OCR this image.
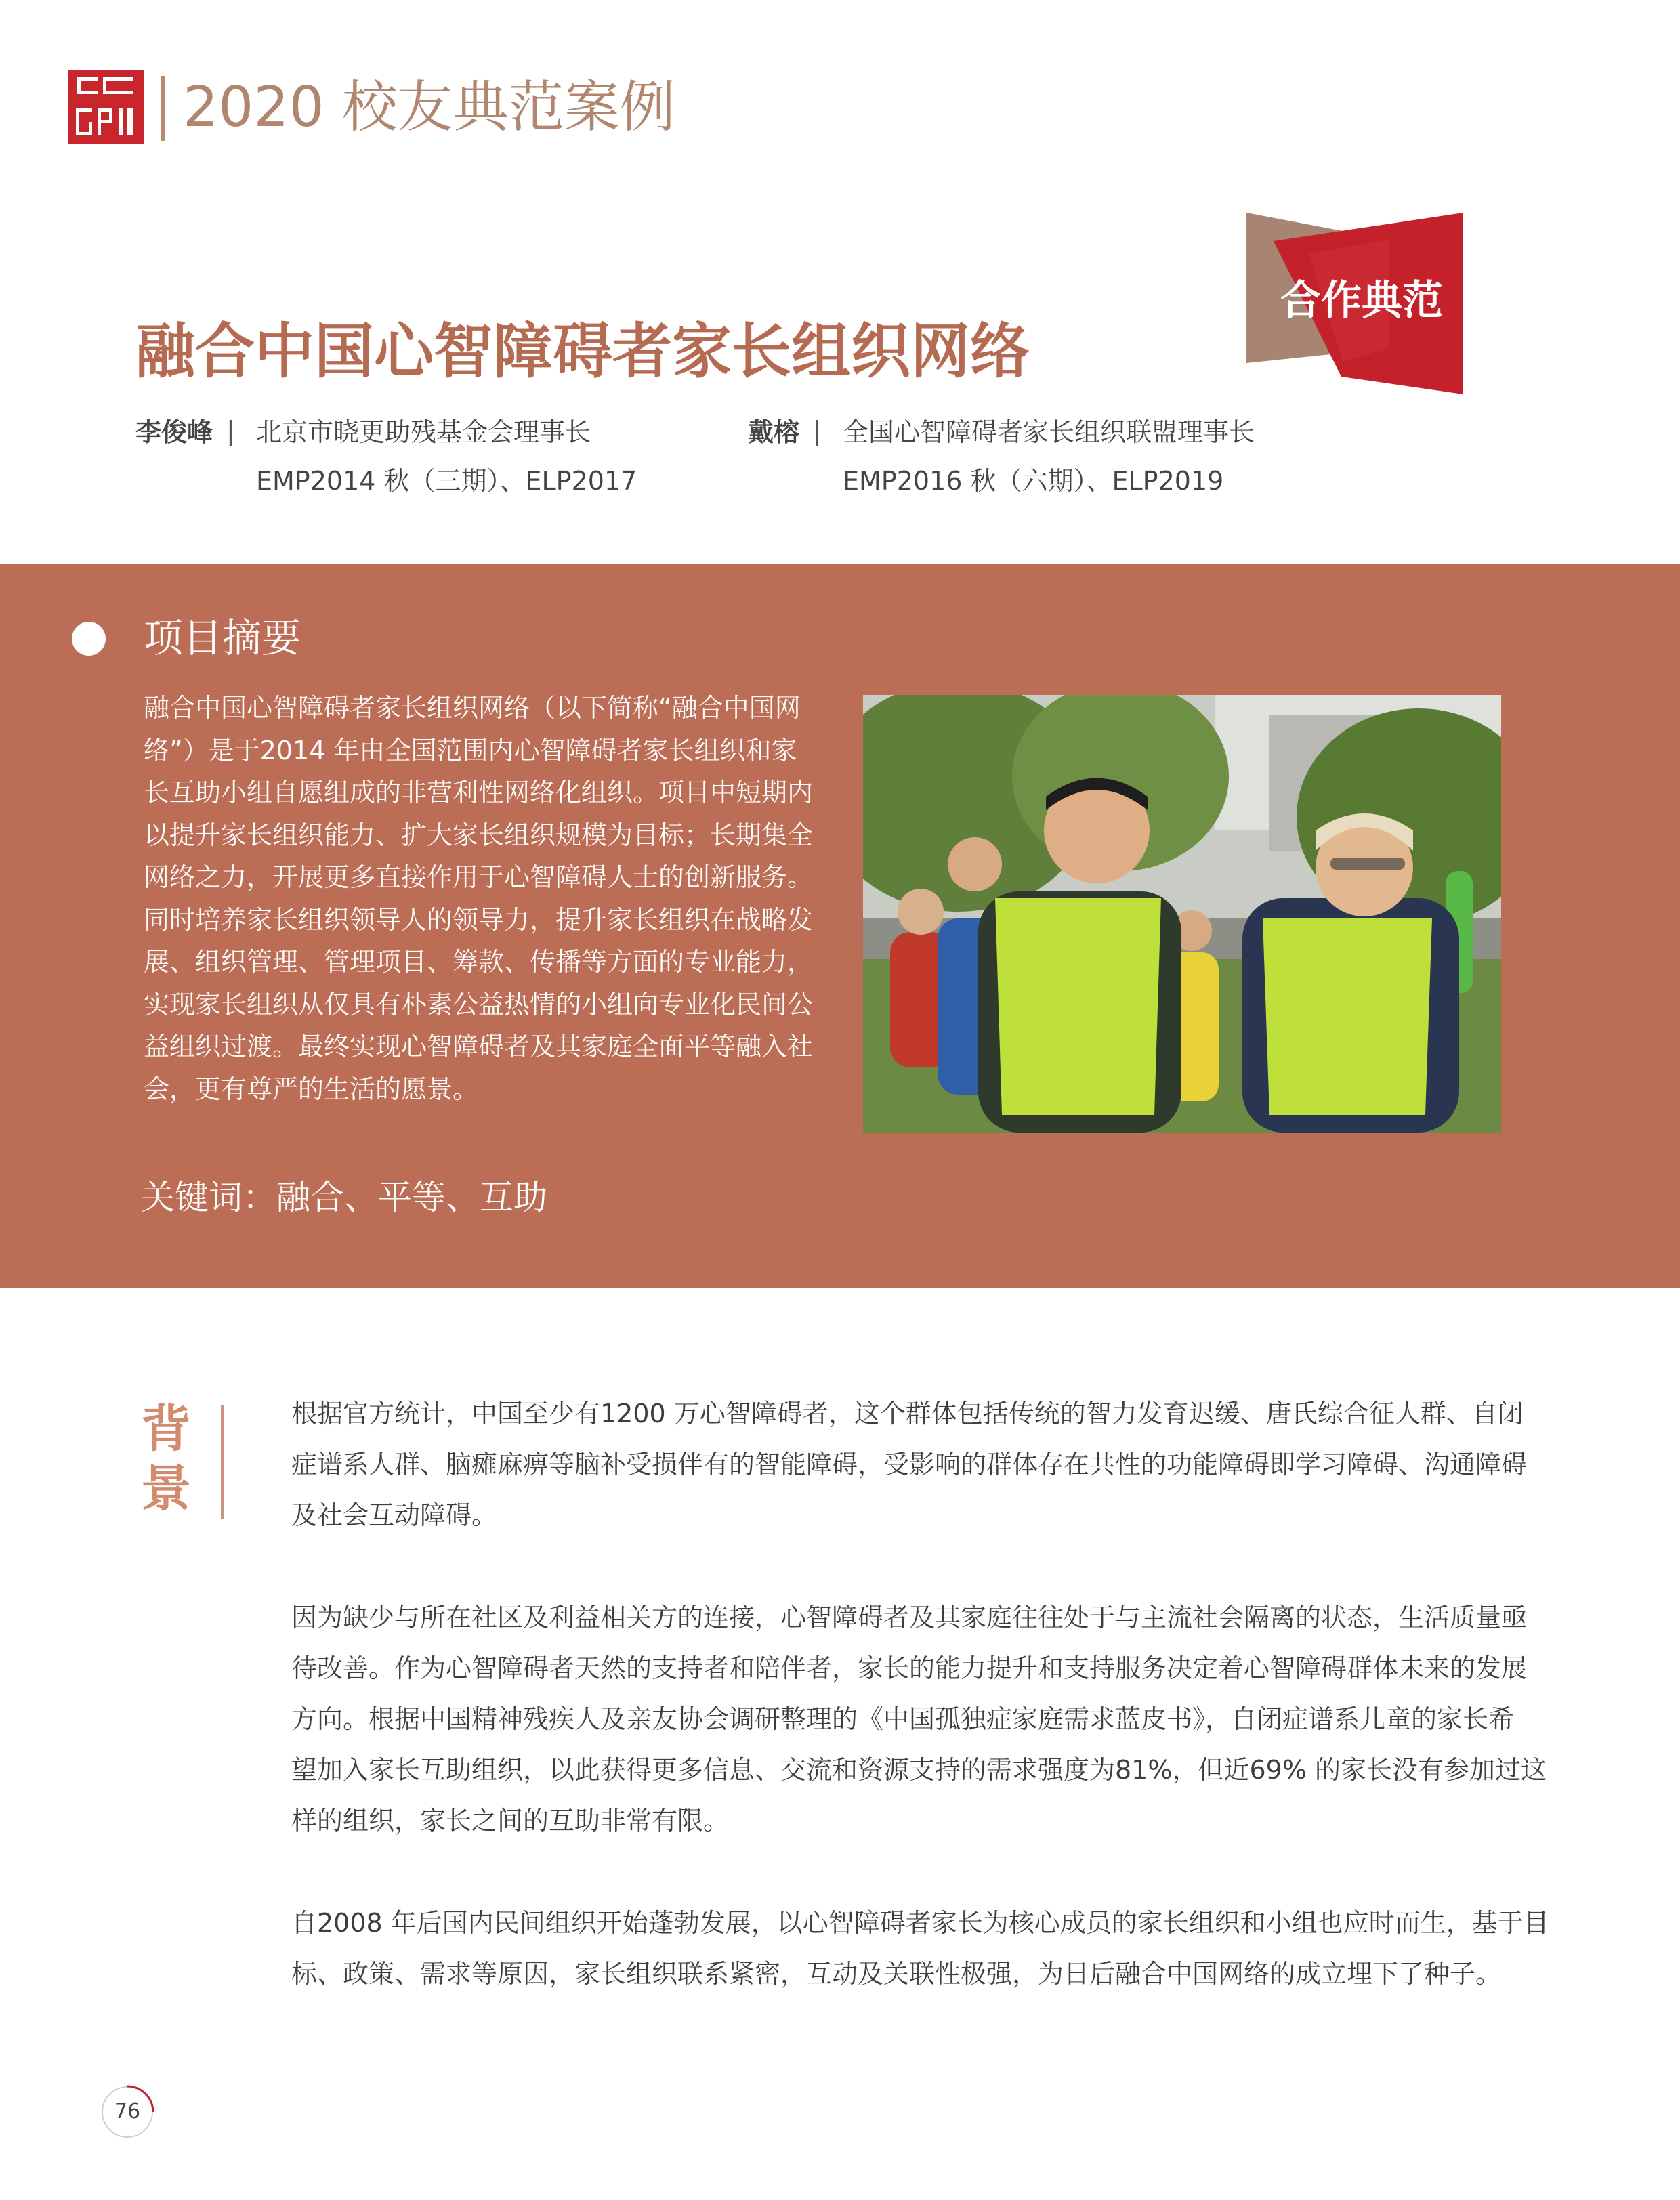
2020 校友典范案例
合作典范
融合中国心智障碍者家长组织网络
李俊峰 | 北京市晓更助残基金会理事长
EMP2014 秋（三期）、ELP2017
戴榕 | 全国心智障碍者家长组织联盟理事长
EMP2016 秋（六期）、ELP2019
项目摘要
融合中国心智障碍者家长组织网络（以下简称“融合中国网
络”）是于2014 年由全国范围内心智障碍者家长组织和家
长互助小组自愿组成的非营利性网络化组织。项目中短期内
以提升家长组织能力、扩大家长组织规模为目标；长期集全
网络之力，开展更多直接作用于心智障碍人士的创新服务。
同时培养家长组织领导人的领导力，提升家长组织在战略发
展、组织管理、管理项目、筹款、传播等方面的专业能力，
实现家长组织从仅具有朴素公益热情的小组向专业化民间公
益组织过渡。最终实现心智障碍者及其家庭全面平等融入社
会，更有尊严的生活的愿景。
关键词：融合、平等、互助
背
景
根据官方统计，中国至少有1200 万心智障碍者，这个群体包括传统的智力发育迟缓、唐氏综合征人群、自闭
症谱系人群、脑瘫麻痹等脑补受损伴有的智能障碍，受影响的群体存在共性的功能障碍即学习障碍、沟通障碍
及社会互动障碍。
因为缺少与所在社区及利益相关方的连接，心智障碍者及其家庭往往处于与主流社会隔离的状态，生活质量亟
待改善。作为心智障碍者天然的支持者和陪伴者，家长的能力提升和支持服务决定着心智障碍群体未来的发展
方向。根据中国精神残疾人及亲友协会调研整理的《中国孤独症家庭需求蓝皮书》，自闭症谱系儿童的家长希
望加入家长互助组织，以此获得更多信息、交流和资源支持的需求强度为81%，但近69% 的家长没有参加过这
样的组织，家长之间的互助非常有限。
自2008 年后国内民间组织开始蓬勃发展，以心智障碍者家长为核心成员的家长组织和小组也应时而生，基于目
标、政策、需求等原因，家长组织联系紧密，互动及关联性极强，为日后融合中国网络的成立埋下了种子。
76
